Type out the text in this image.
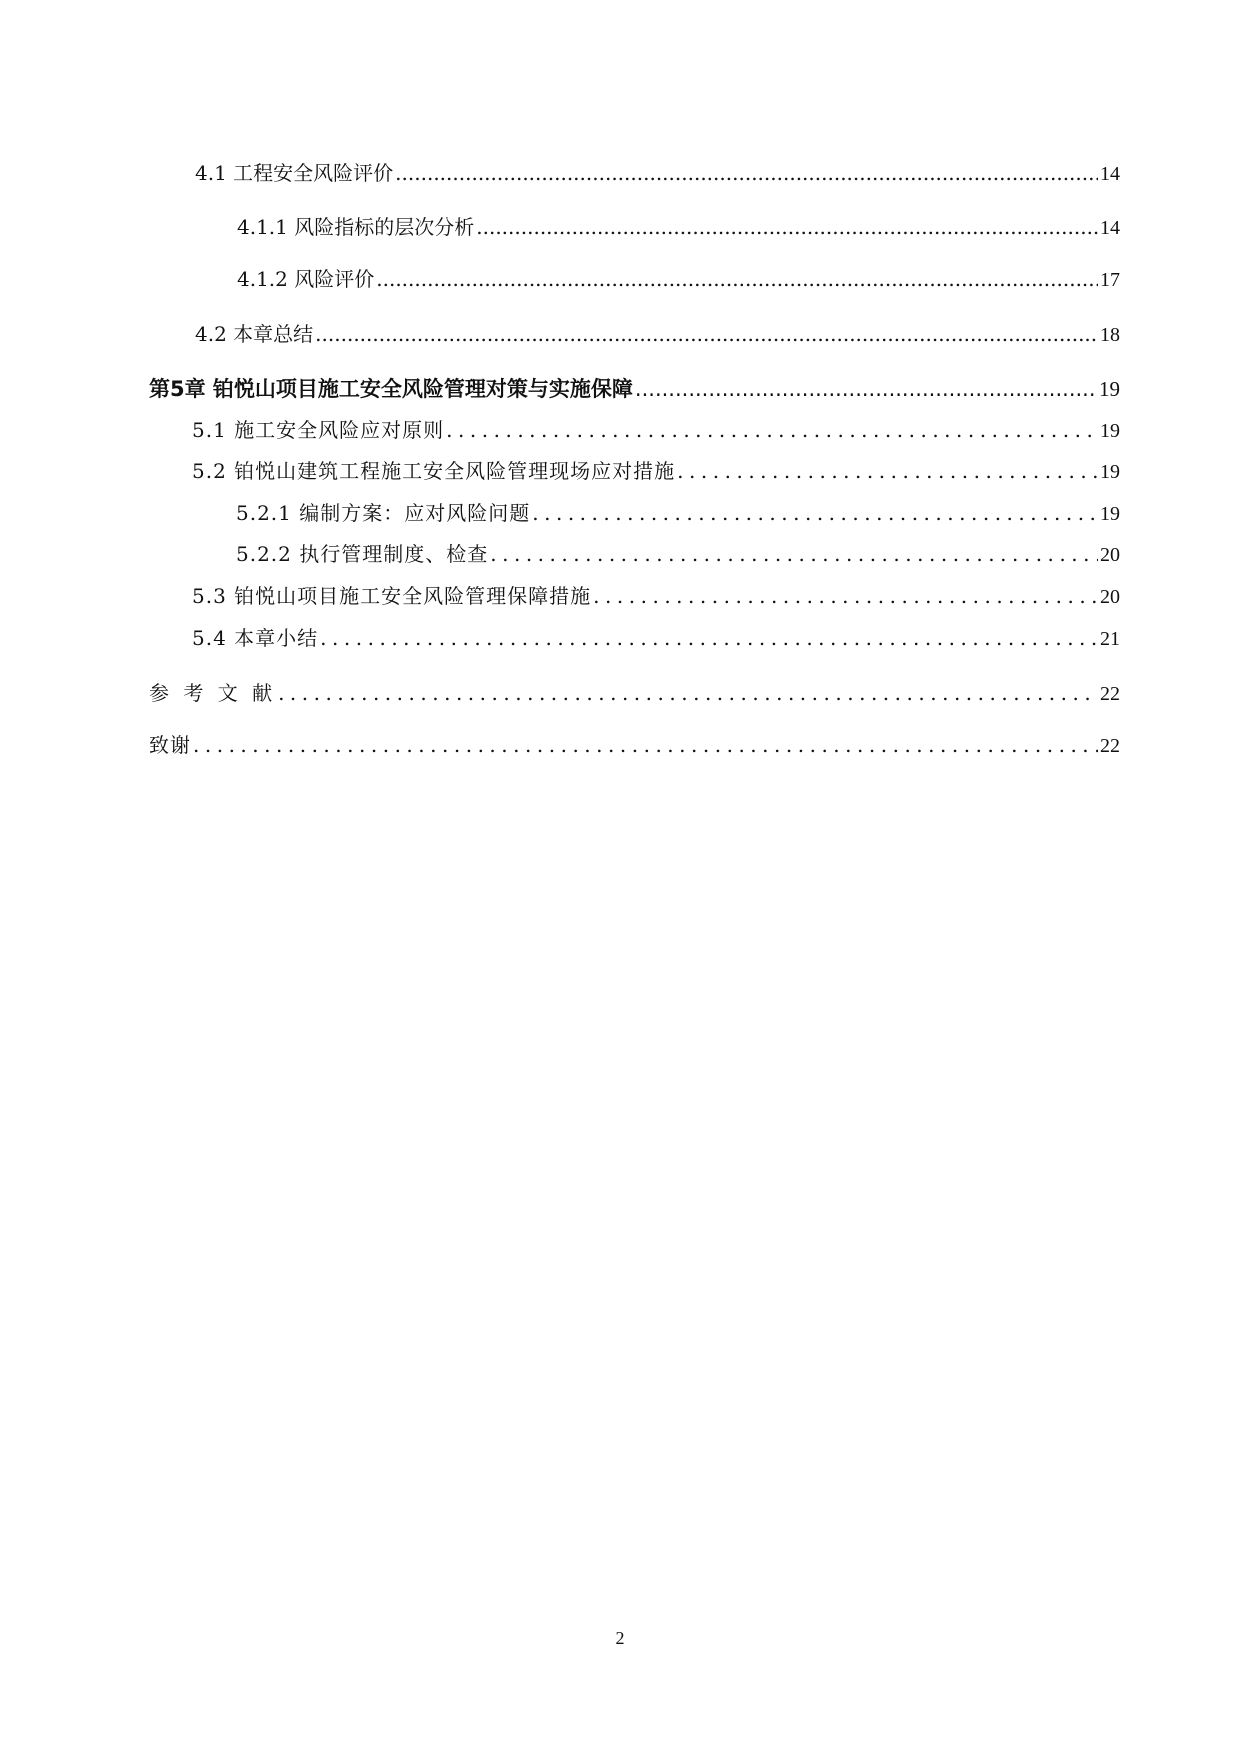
4.1 工程安全风险评价 .....	14
4.1.1 风险指标的层次分析 .....	14
4.1.2 风险评价 .....	17
4.2 本章总结 .....	18
第5章 铂悦山项目施工安全风险管理对策与实施保障 .....	19
5.1 施工安全风险应对原则 .....	19
5.2 铂悦山建筑工程施工安全风险管理现场应对措施 .....	19
5.2.1 编制方案：应对风险问题 .....	19
5.2.2 执行管理制度、检查 .....	20
5.3 铂悦山项目施工安全风险管理保障措施 .....	20
5.4 本章小结 .....	21
参 考 文 献 .....	22
致谢 .....	22
2
